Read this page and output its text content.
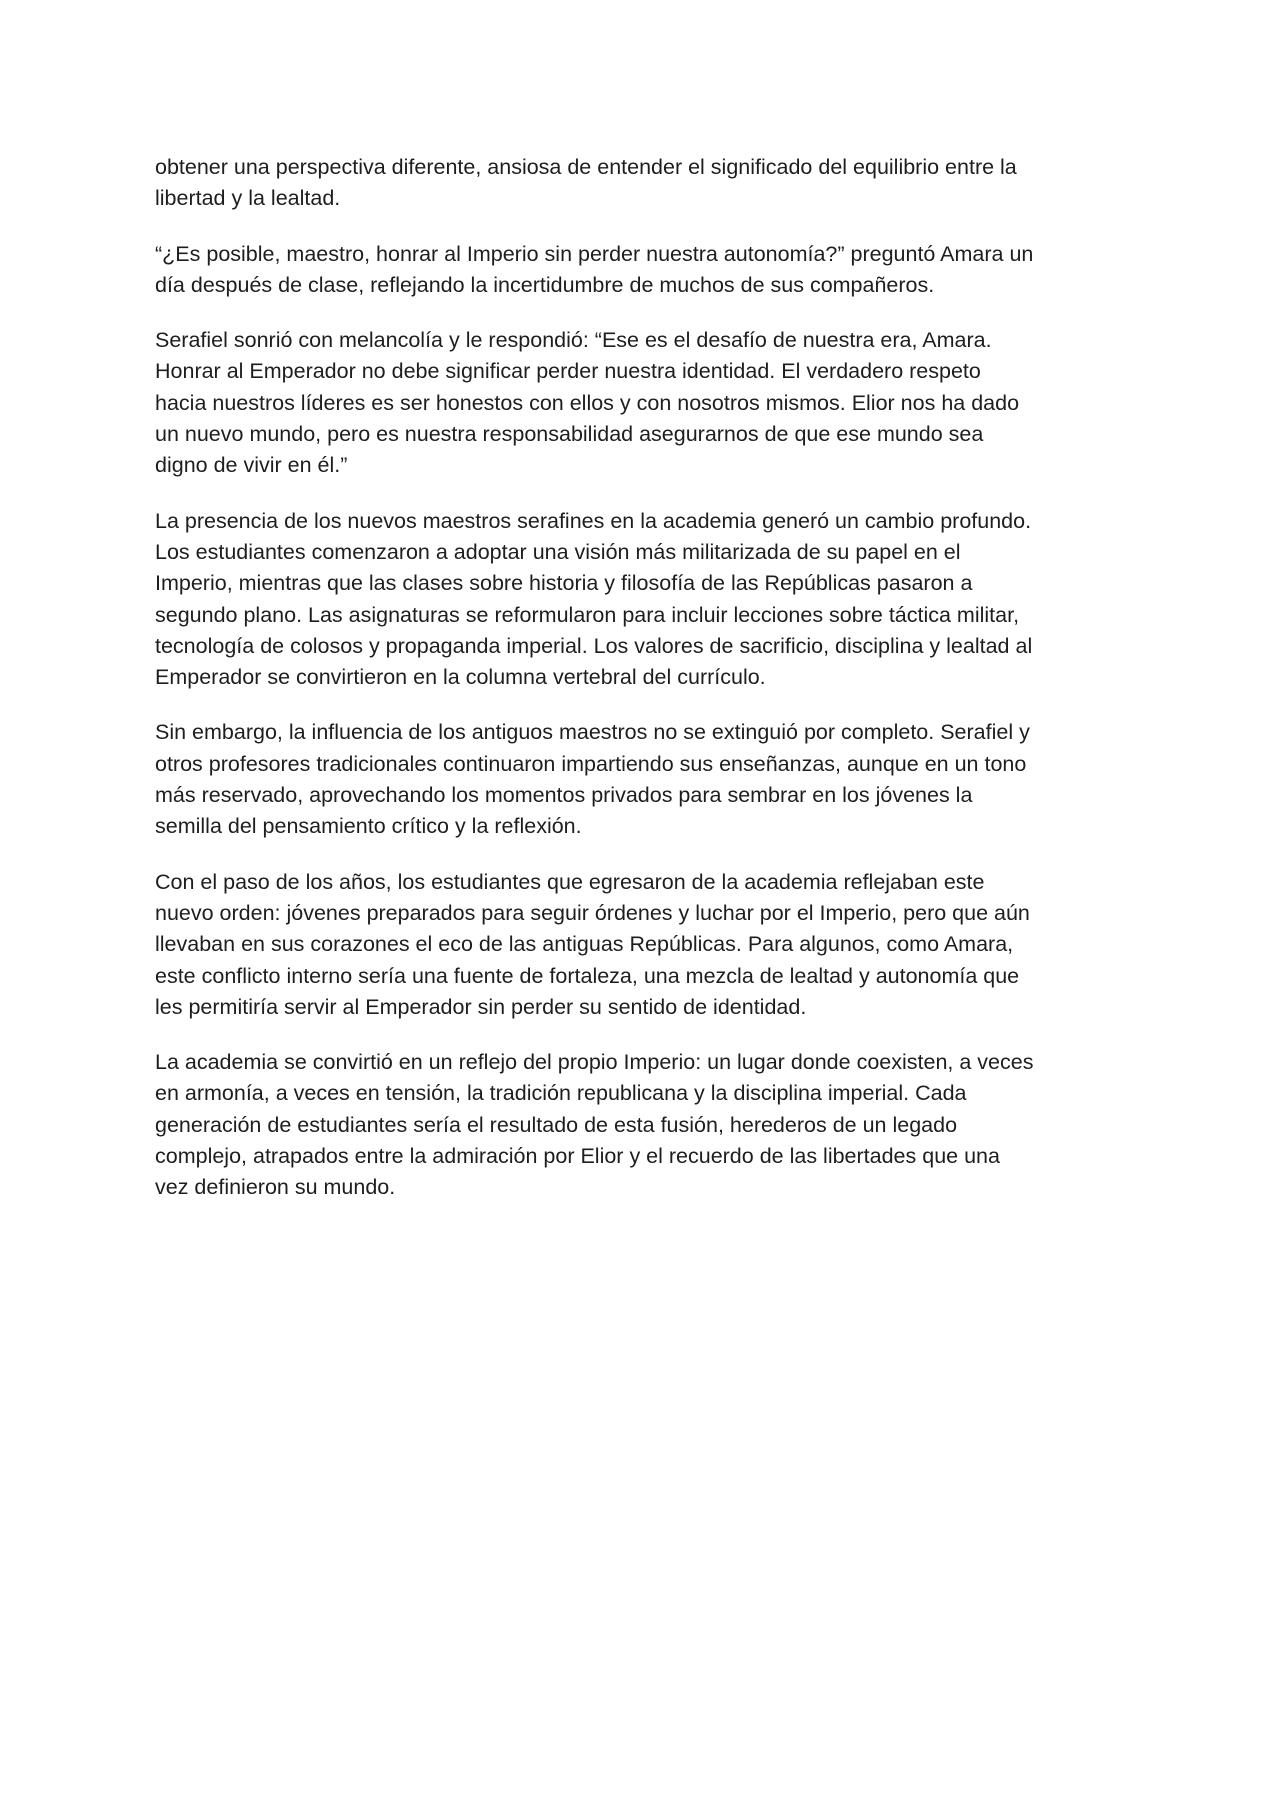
obtener una perspectiva diferente, ansiosa de entender el significado del equilibrio entre la
libertad y la lealtad.

“¿Es posible, maestro, honrar al Imperio sin perder nuestra autonomía?” preguntó Amara un
día después de clase, reflejando la incertidumbre de muchos de sus compañeros.

Serafiel sonrió con melancolía y le respondió: “Ese es el desafío de nuestra era, Amara.
Honrar al Emperador no debe significar perder nuestra identidad. El verdadero respeto
hacia nuestros líderes es ser honestos con ellos y con nosotros mismos. Elior nos ha dado
un nuevo mundo, pero es nuestra responsabilidad asegurarnos de que ese mundo sea
digno de vivir en él.”

La presencia de los nuevos maestros serafines en la academia generó un cambio profundo.
Los estudiantes comenzaron a adoptar una visión más militarizada de su papel en el
Imperio, mientras que las clases sobre historia y filosofía de las Repúblicas pasaron a
segundo plano. Las asignaturas se reformularon para incluir lecciones sobre táctica militar,
tecnología de colosos y propaganda imperial. Los valores de sacrificio, disciplina y lealtad al
Emperador se convirtieron en la columna vertebral del currículo.

Sin embargo, la influencia de los antiguos maestros no se extinguió por completo. Serafiel y
otros profesores tradicionales continuaron impartiendo sus enseñanzas, aunque en un tono
más reservado, aprovechando los momentos privados para sembrar en los jóvenes la
semilla del pensamiento crítico y la reflexión.

Con el paso de los años, los estudiantes que egresaron de la academia reflejaban este
nuevo orden: jóvenes preparados para seguir órdenes y luchar por el Imperio, pero que aún
llevaban en sus corazones el eco de las antiguas Repúblicas. Para algunos, como Amara,
este conflicto interno sería una fuente de fortaleza, una mezcla de lealtad y autonomía que
les permitiría servir al Emperador sin perder su sentido de identidad.

La academia se convirtió en un reflejo del propio Imperio: un lugar donde coexisten, a veces
en armonía, a veces en tensión, la tradición republicana y la disciplina imperial. Cada
generación de estudiantes sería el resultado de esta fusión, herederos de un legado
complejo, atrapados entre la admiración por Elior y el recuerdo de las libertades que una
vez definieron su mundo.
